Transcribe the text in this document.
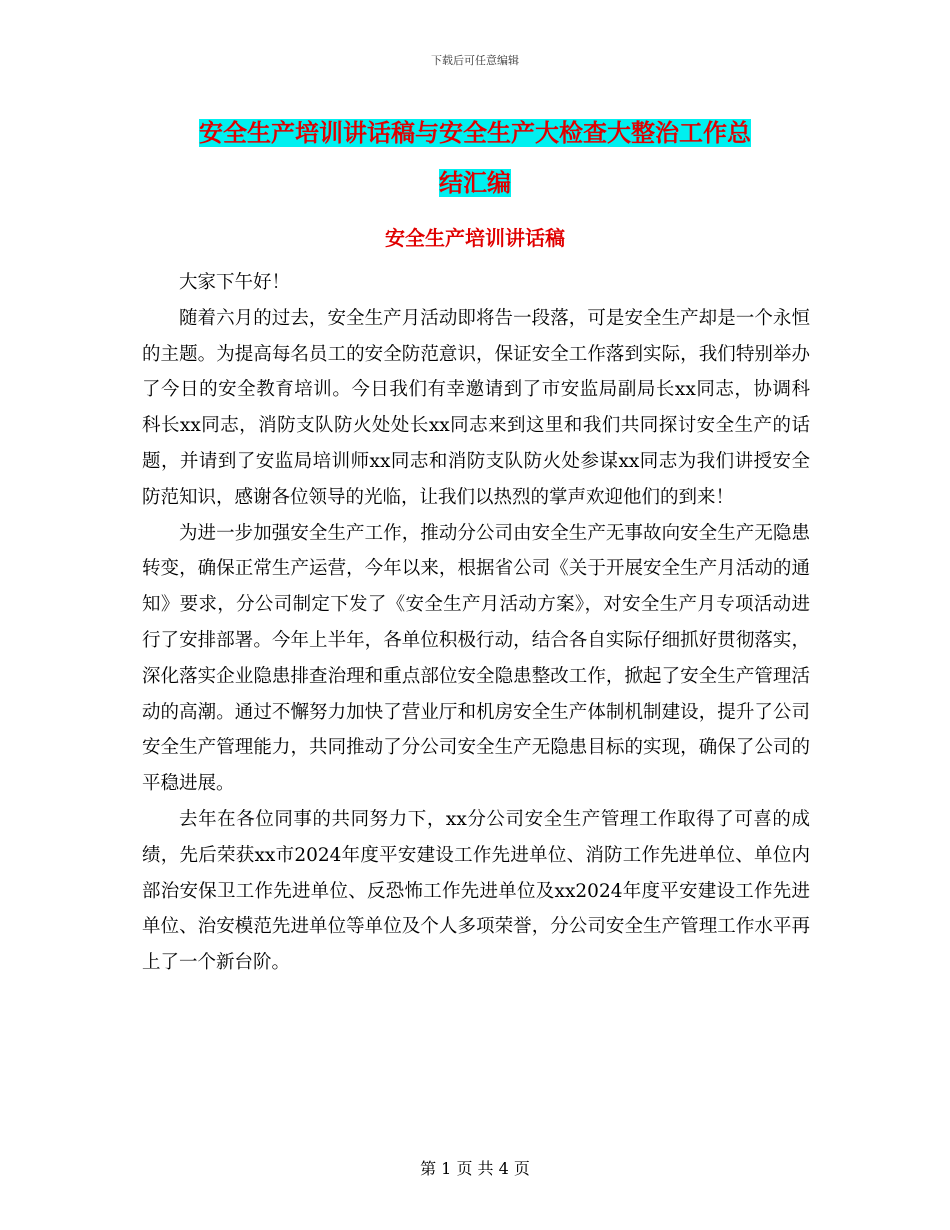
下载后可任意编辑
安全生产培训讲话稿与安全生产大检查大整治工作总
结汇编
安全生产培训讲话稿

大家下午好！

随着六月的过去，安全生产月活动即将告一段落，可是安全生产却是一个永恒的主题。为提高每名员工的安全防范意识，保证安全工作落到实际，我们特别举办了今日的安全教育培训。今日我们有幸邀请到了市安监局副局长xx同志，协调科科长xx同志，消防支队防火处处长xx同志来到这里和我们共同探讨安全生产的话题，并请到了安监局培训师xx同志和消防支队防火处参谋xx同志为我们讲授安全防范知识，感谢各位领导的光临，让我们以热烈的掌声欢迎他们的到来！

为进一步加强安全生产工作，推动分公司由安全生产无事故向安全生产无隐患转变，确保正常生产运营，今年以来，根据省公司《关于开展安全生产月活动的通知》要求，分公司制定下发了《安全生产月活动方案》，对安全生产月专项活动进行了安排部署。今年上半年，各单位积极行动，结合各自实际仔细抓好贯彻落实，深化落实企业隐患排查治理和重点部位安全隐患整改工作，掀起了安全生产管理活动的高潮。通过不懈努力加快了营业厅和机房安全生产体制机制建设，提升了公司安全生产管理能力，共同推动了分公司安全生产无隐患目标的实现，确保了公司的平稳进展。

去年在各位同事的共同努力下，xx分公司安全生产管理工作取得了可喜的成绩，先后荣获xx市2024年度平安建设工作先进单位、消防工作先进单位、单位内部治安保卫工作先进单位、反恐怖工作先进单位及xx2024年度平安建设工作先进单位、治安模范先进单位等单位及个人多项荣誉，分公司安全生产管理工作水平再上了一个新台阶。

第 1 页 共 4 页
